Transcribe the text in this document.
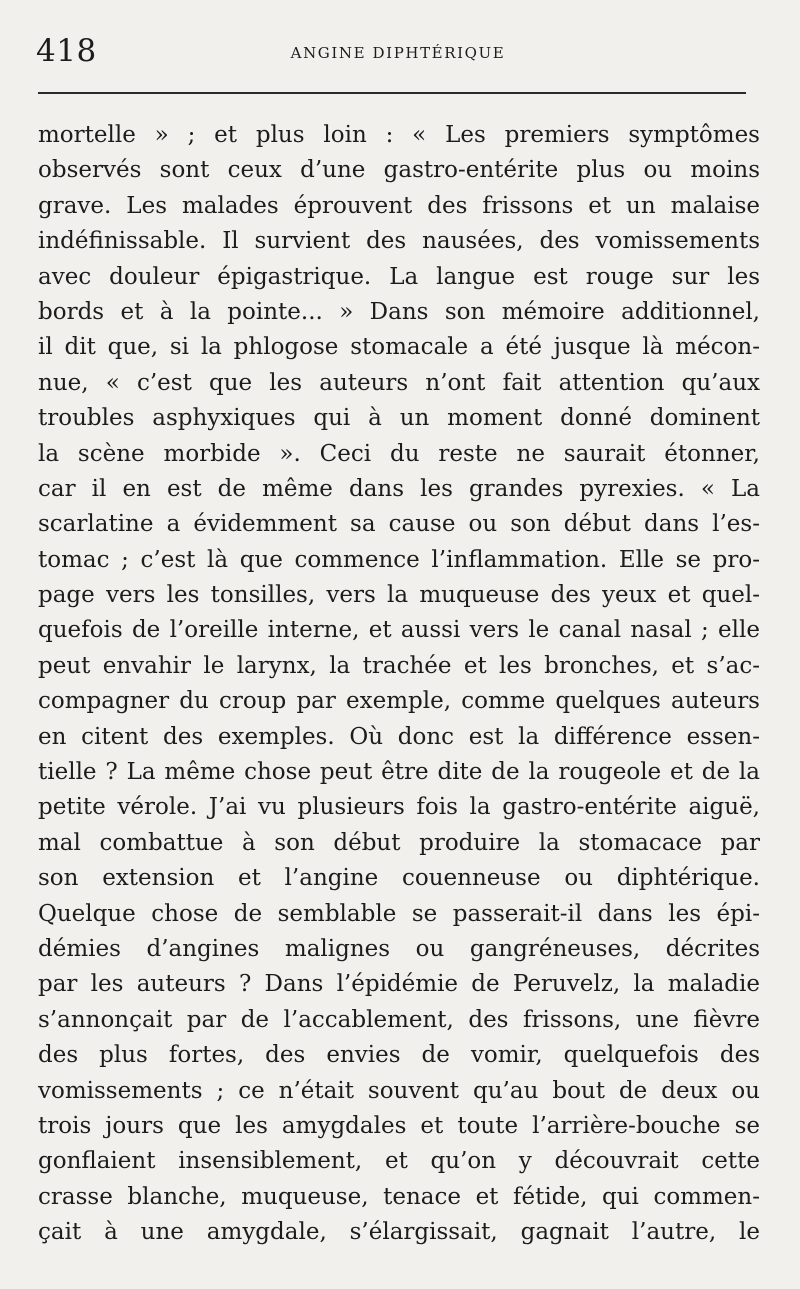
418	ANGINE DIPHTÉRIQUE
mortelle » ; et plus loin : « Les premiers symptômes
observés sont ceux d’une gastro-entérite plus ou moins
grave. Les malades éprouvent des frissons et un malaise
indéfinissable. Il survient des nausées, des vomissements
avec douleur épigastrique. La langue est rouge sur les
bords et à la pointe... » Dans son mémoire additionnel,
il dit que, si la phlogose stomacale a été jusque là mécon-
nue, « c’est que les auteurs n’ont fait attention qu’aux
troubles asphyxiques qui à un moment donné dominent
la scène morbide ». Ceci du reste ne saurait étonner,
car il en est de même dans les grandes pyrexies. « La
scarlatine a évidemment sa cause ou son début dans l’es-
tomac ; c’est là que commence l’inflammation. Elle se pro-
page vers les tonsilles, vers la muqueuse des yeux et quel-
quefois de l’oreille interne, et aussi vers le canal nasal ; elle
peut envahir le larynx, la trachée et les bronches, et s’ac-
compagner du croup par exemple, comme quelques auteurs
en citent des exemples. Où donc est la différence essen-
tielle ? La même chose peut être dite de la rougeole et de la
petite vérole. J’ai vu plusieurs fois la gastro-entérite aiguë,
mal combattue à son début produire la stomacace par
son extension et l’angine couenneuse ou diphtérique.
Quelque chose de semblable se passerait-il dans les épi-
démies d’angines malignes ou gangréneuses, décrites
par les auteurs ? Dans l’épidémie de Peruvelz, la maladie
s’annonçait par de l’accablement, des frissons, une fièvre
des plus fortes, des envies de vomir, quelquefois des
vomissements ; ce n’était souvent qu’au bout de deux ou
trois jours que les amygdales et toute l’arrière-bouche se
gonflaient insensiblement, et qu’on y découvrait cette
crasse blanche, muqueuse, tenace et fétide, qui commen-
çait à une amygdale, s’élargissait, gagnait l’autre, le
